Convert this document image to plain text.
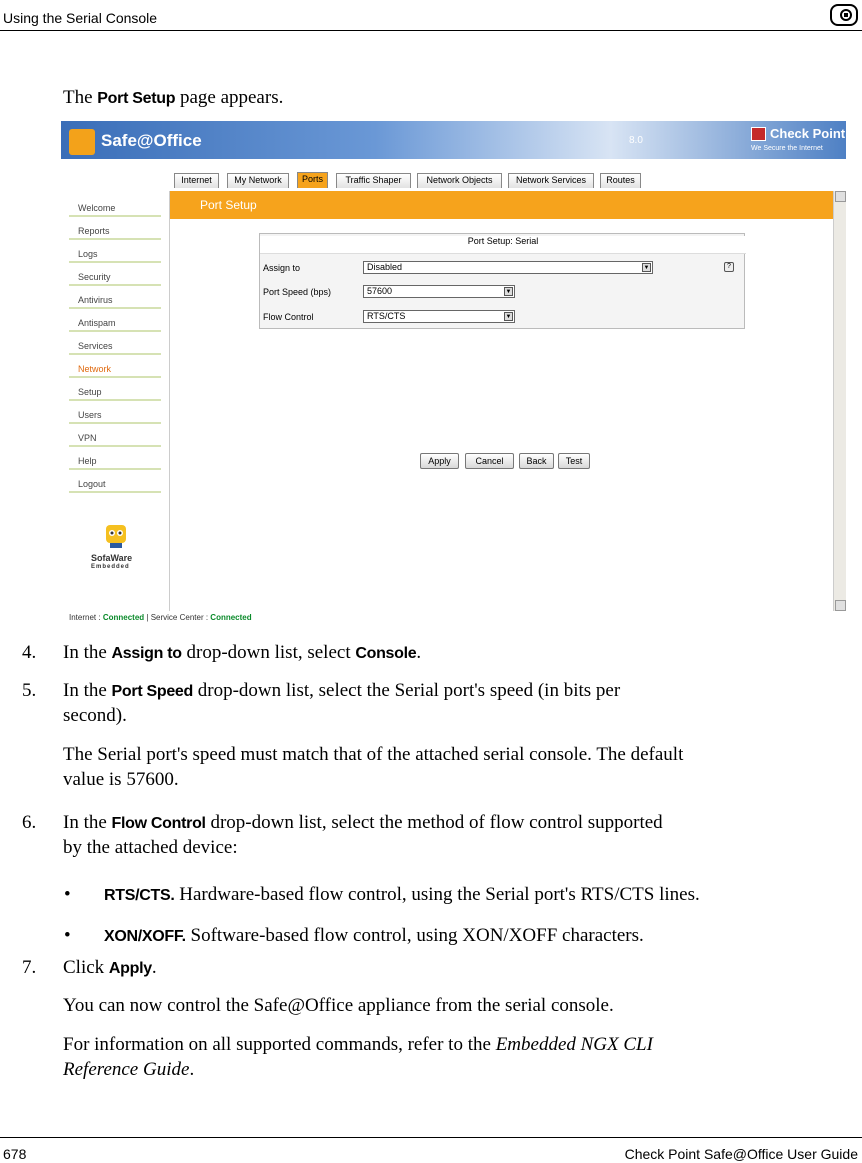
Using the Serial Console
The Port Setup page appears.
Safe@Office	8.0	Check Point
We Secure the Internet
Internet	My Network	Ports	Traffic Shaper	Network Objects	Network Services	Routes
Welcome
Reports
Logs
Security
Antivirus
Antispam
Services
Network
Setup
Users
VPN
Help
Logout
SofaWare
Embedded
Port Setup
Port Setup: Serial
Assign to	Disabled	▼	?
Port Speed (bps)	57600	▼
Flow Control	RTS/CTS	▼
Apply	Cancel	Back	Test
Internet : Connected | Service Center : Connected
4. In the Assign to drop-down list, select Console.
5. In the Port Speed drop-down list, select the Serial port's speed (in bits per
second).
The Serial port's speed must match that of the attached serial console. The default
value is 57600.
6. In the Flow Control drop-down list, select the method of flow control supported
by the attached device:
• RTS/CTS. Hardware-based flow control, using the Serial port's RTS/CTS lines.
• XON/XOFF. Software-based flow control, using XON/XOFF characters.
7. Click Apply.
You can now control the Safe@Office appliance from the serial console.
For information on all supported commands, refer to the Embedded NGX CLI
Reference Guide.
678	Check Point Safe@Office User Guide
